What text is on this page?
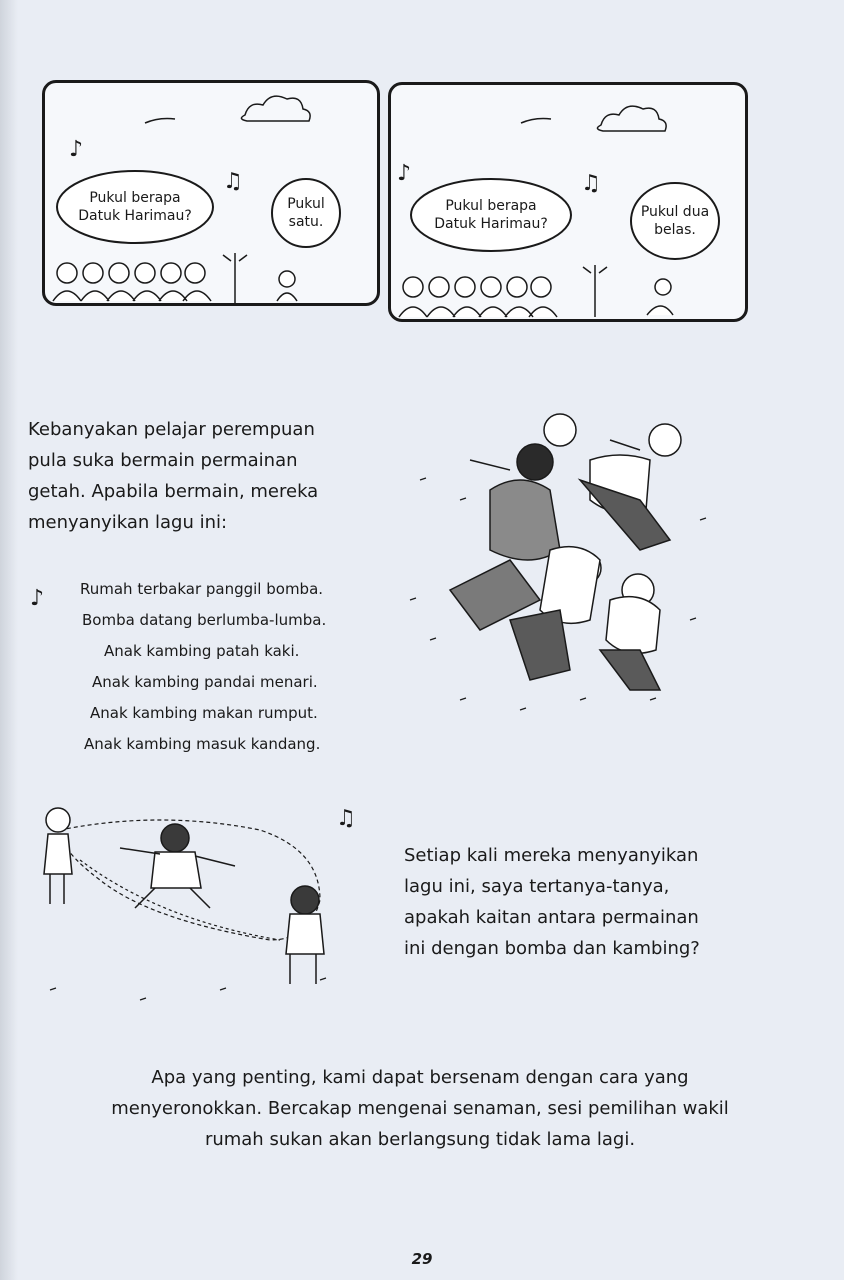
♪
♫
Pukul berapa
Datuk Harimau?
Pukul
satu.
♪	♫
Pukul berapa
Datuk Harimau?
Pukul dua
belas.
Kebanyakan pelajar perempuan
pula suka bermain permainan
getah. Apabila bermain, mereka
menyanyikan lagu ini:
♪ Rumah terbakar panggil bomba.
Bomba datang berlumba-lumba.
Anak kambing patah kaki.
Anak kambing pandai menari.
Anak kambing makan rumput.
Anak kambing masuk kandang.
♫
Setiap kali mereka menyanyikan
lagu ini, saya tertanya-tanya,
apakah kaitan antara permainan
ini dengan bomba dan kambing?
Apa yang penting, kami dapat bersenam dengan cara yang
menyeronokkan. Bercakap mengenai senaman, sesi pemilihan wakil
rumah sukan akan berlangsung tidak lama lagi.
29
